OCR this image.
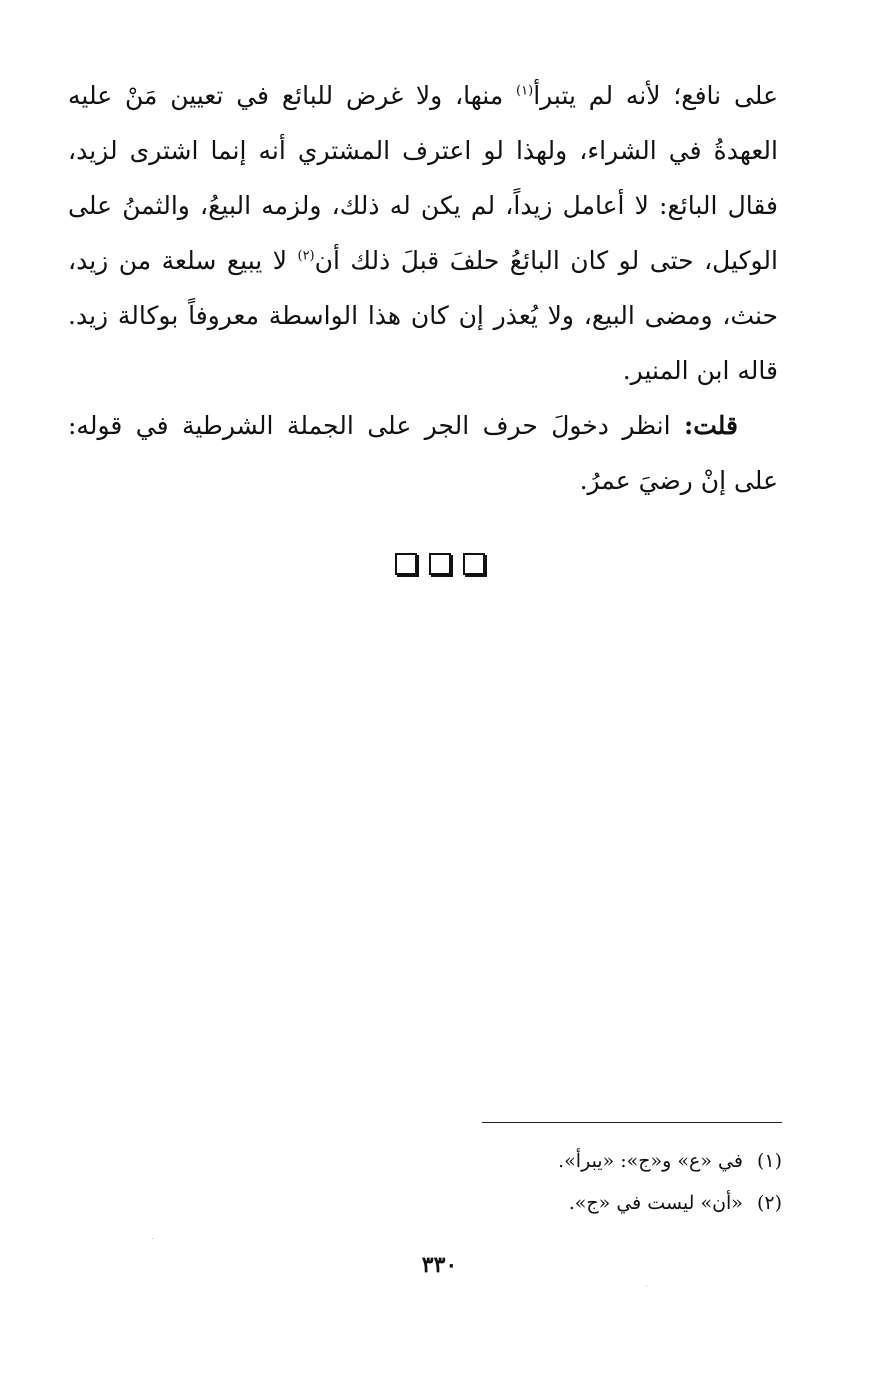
على نافع؛ لأنه لم يتبرأ$^{(١)}$ منها، ولا غرض للبائع في تعيين مَنْ عليه العهدةُ في الشراء، ولهذا لو اعترف المشتري أنه إنما اشترى لزيد، فقال البائع: لا أعامل زيداً، لم يكن له ذلك، ولزمه البيعُ، والثمنُ على الوكيل، حتى لو كان البائعُ حلفَ قبلَ ذلك أن$^{(٢)}$ لا يبيع سلعة من زيد، حنث، ومضى البيع، ولا يُعذر إن كان هذا الواسطة معروفاً بوكالة زيد. قاله ابن المنير.

قلت: انظر دخولَ حرف الجر على الجملة الشرطية في قوله: على إنْ رضيَ عمرُ.

(١)
في «ع» و«ج»: «يبرأ».
(٢)
«أن» ليست في «ج».
٣٣٠
